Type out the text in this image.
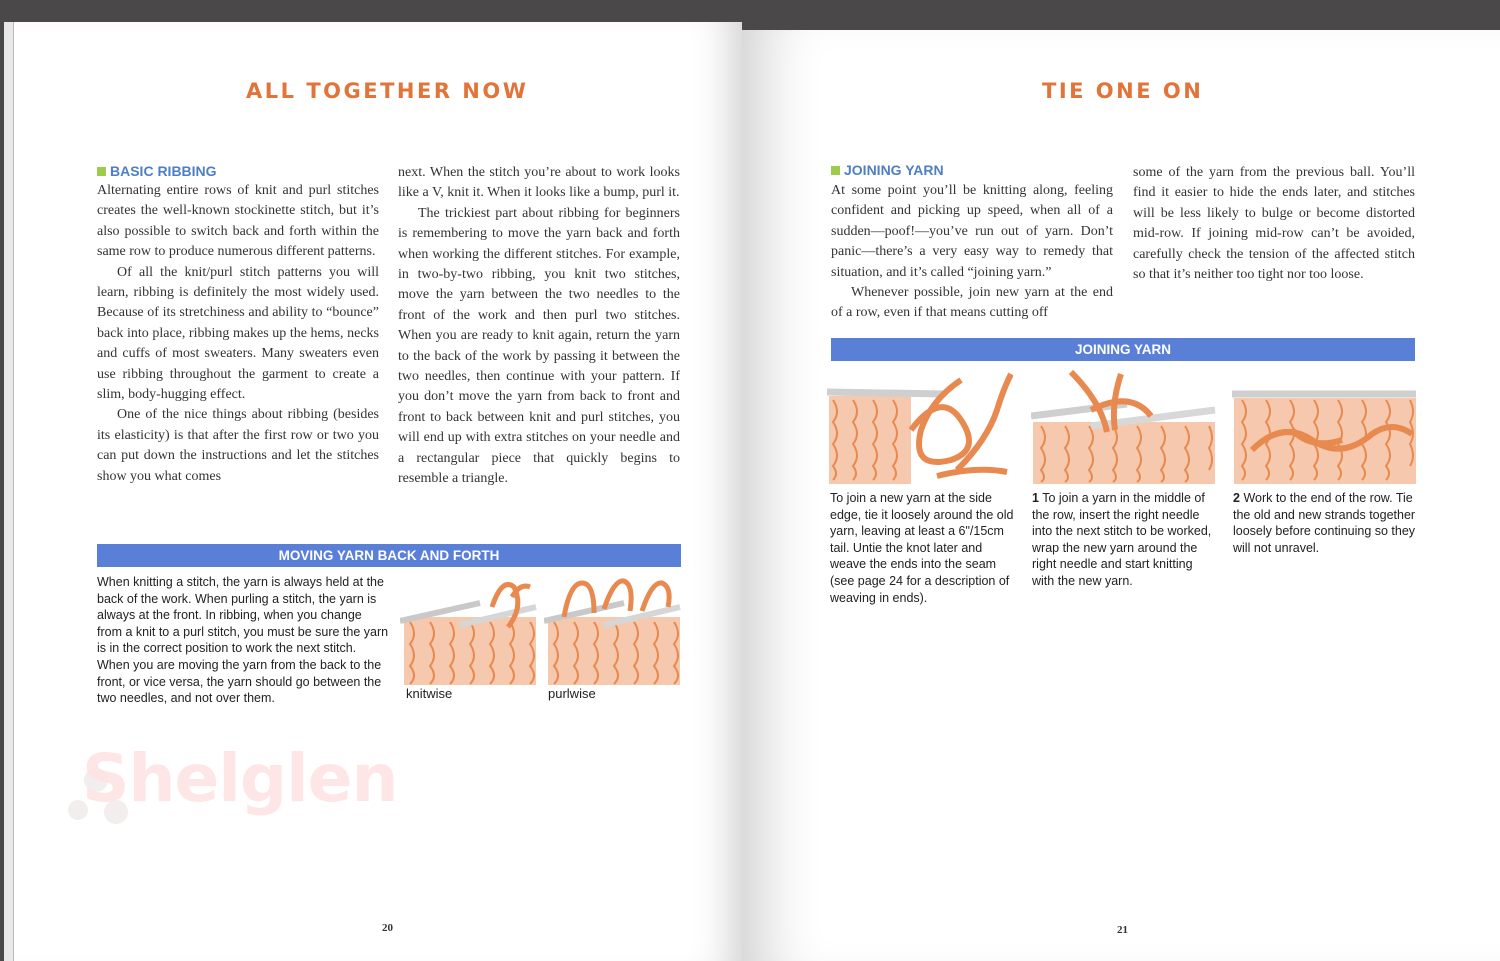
ALL TOGETHER NOW
BASIC RIBBING

Alternating entire rows of knit and purl stitches creates the well-known stockinette stitch, but it’s also possible to switch back and forth within the same row to produce numerous different patterns.

Of all the knit/purl stitch patterns you will learn, ribbing is definitely the most widely used. Because of its stretchiness and ability to “bounce” back into place, ribbing makes up the hems, necks and cuffs of most sweaters. Many sweaters even use ribbing throughout the garment to create a slim, body-hugging effect.

One of the nice things about ribbing (besides its elasticity) is that after the first row or two you can put down the instructions and let the stitches show you what comes

next. When the stitch you’re about to work looks like a V, knit it. When it looks like a bump, purl it.

The trickiest part about ribbing for beginners is remembering to move the yarn back and forth when working the different stitches. For example, in two-by-two ribbing, you knit two stitches, move the yarn between the two needles to the front of the work and then purl two stitches. When you are ready to knit again, return the yarn to the back of the work by passing it between the two needles, then continue with your pattern. If you don’t move the yarn from back to front and front to back between knit and purl stitches, you will end up with extra stitches on your needle and a rectangular piece that quickly begins to resemble a triangle.

MOVING YARN BACK AND FORTH
When knitting a stitch, the yarn is always held at the back of the work. When purling a stitch, the yarn is always at the front. In ribbing, when you change from a knit to a purl stitch, you must be sure the yarn is in the correct position to work the next stitch. When you are moving the yarn from the back to the front, or vice versa, the yarn should go between the two needles, and not over them.	knitwise	purlwise
Shelglen
20
TIE ONE ON
JOINING YARN

At some point you’ll be knitting along, feeling confident and picking up speed, when all of a sudden—poof!—you’ve run out of yarn. Don’t panic—there’s a very easy way to remedy that situation, and it’s called “joining yarn.”

Whenever possible, join new yarn at the end of a row, even if that means cutting off

some of the yarn from the previous ball. You’ll find it easier to hide the ends later, and stitches will be less likely to bulge or become distorted mid-row. If joining mid-row can’t be avoided, carefully check the tension of the affected stitch so that it’s neither too tight nor too loose.

JOINING YARN
To join a new yarn at the side edge, tie it loosely around the old yarn, leaving at least a 6"/15cm tail. Untie the knot later and weave the ends into the seam (see page 24 for a description of weaving in ends).
1 To join a yarn in the middle of the row, insert the right needle into the next stitch to be worked, wrap the new yarn around the right needle and start knitting with the new yarn.
2 Work to the end of the row. Tie the old and new strands together loosely before continuing so they will not unravel.
21
